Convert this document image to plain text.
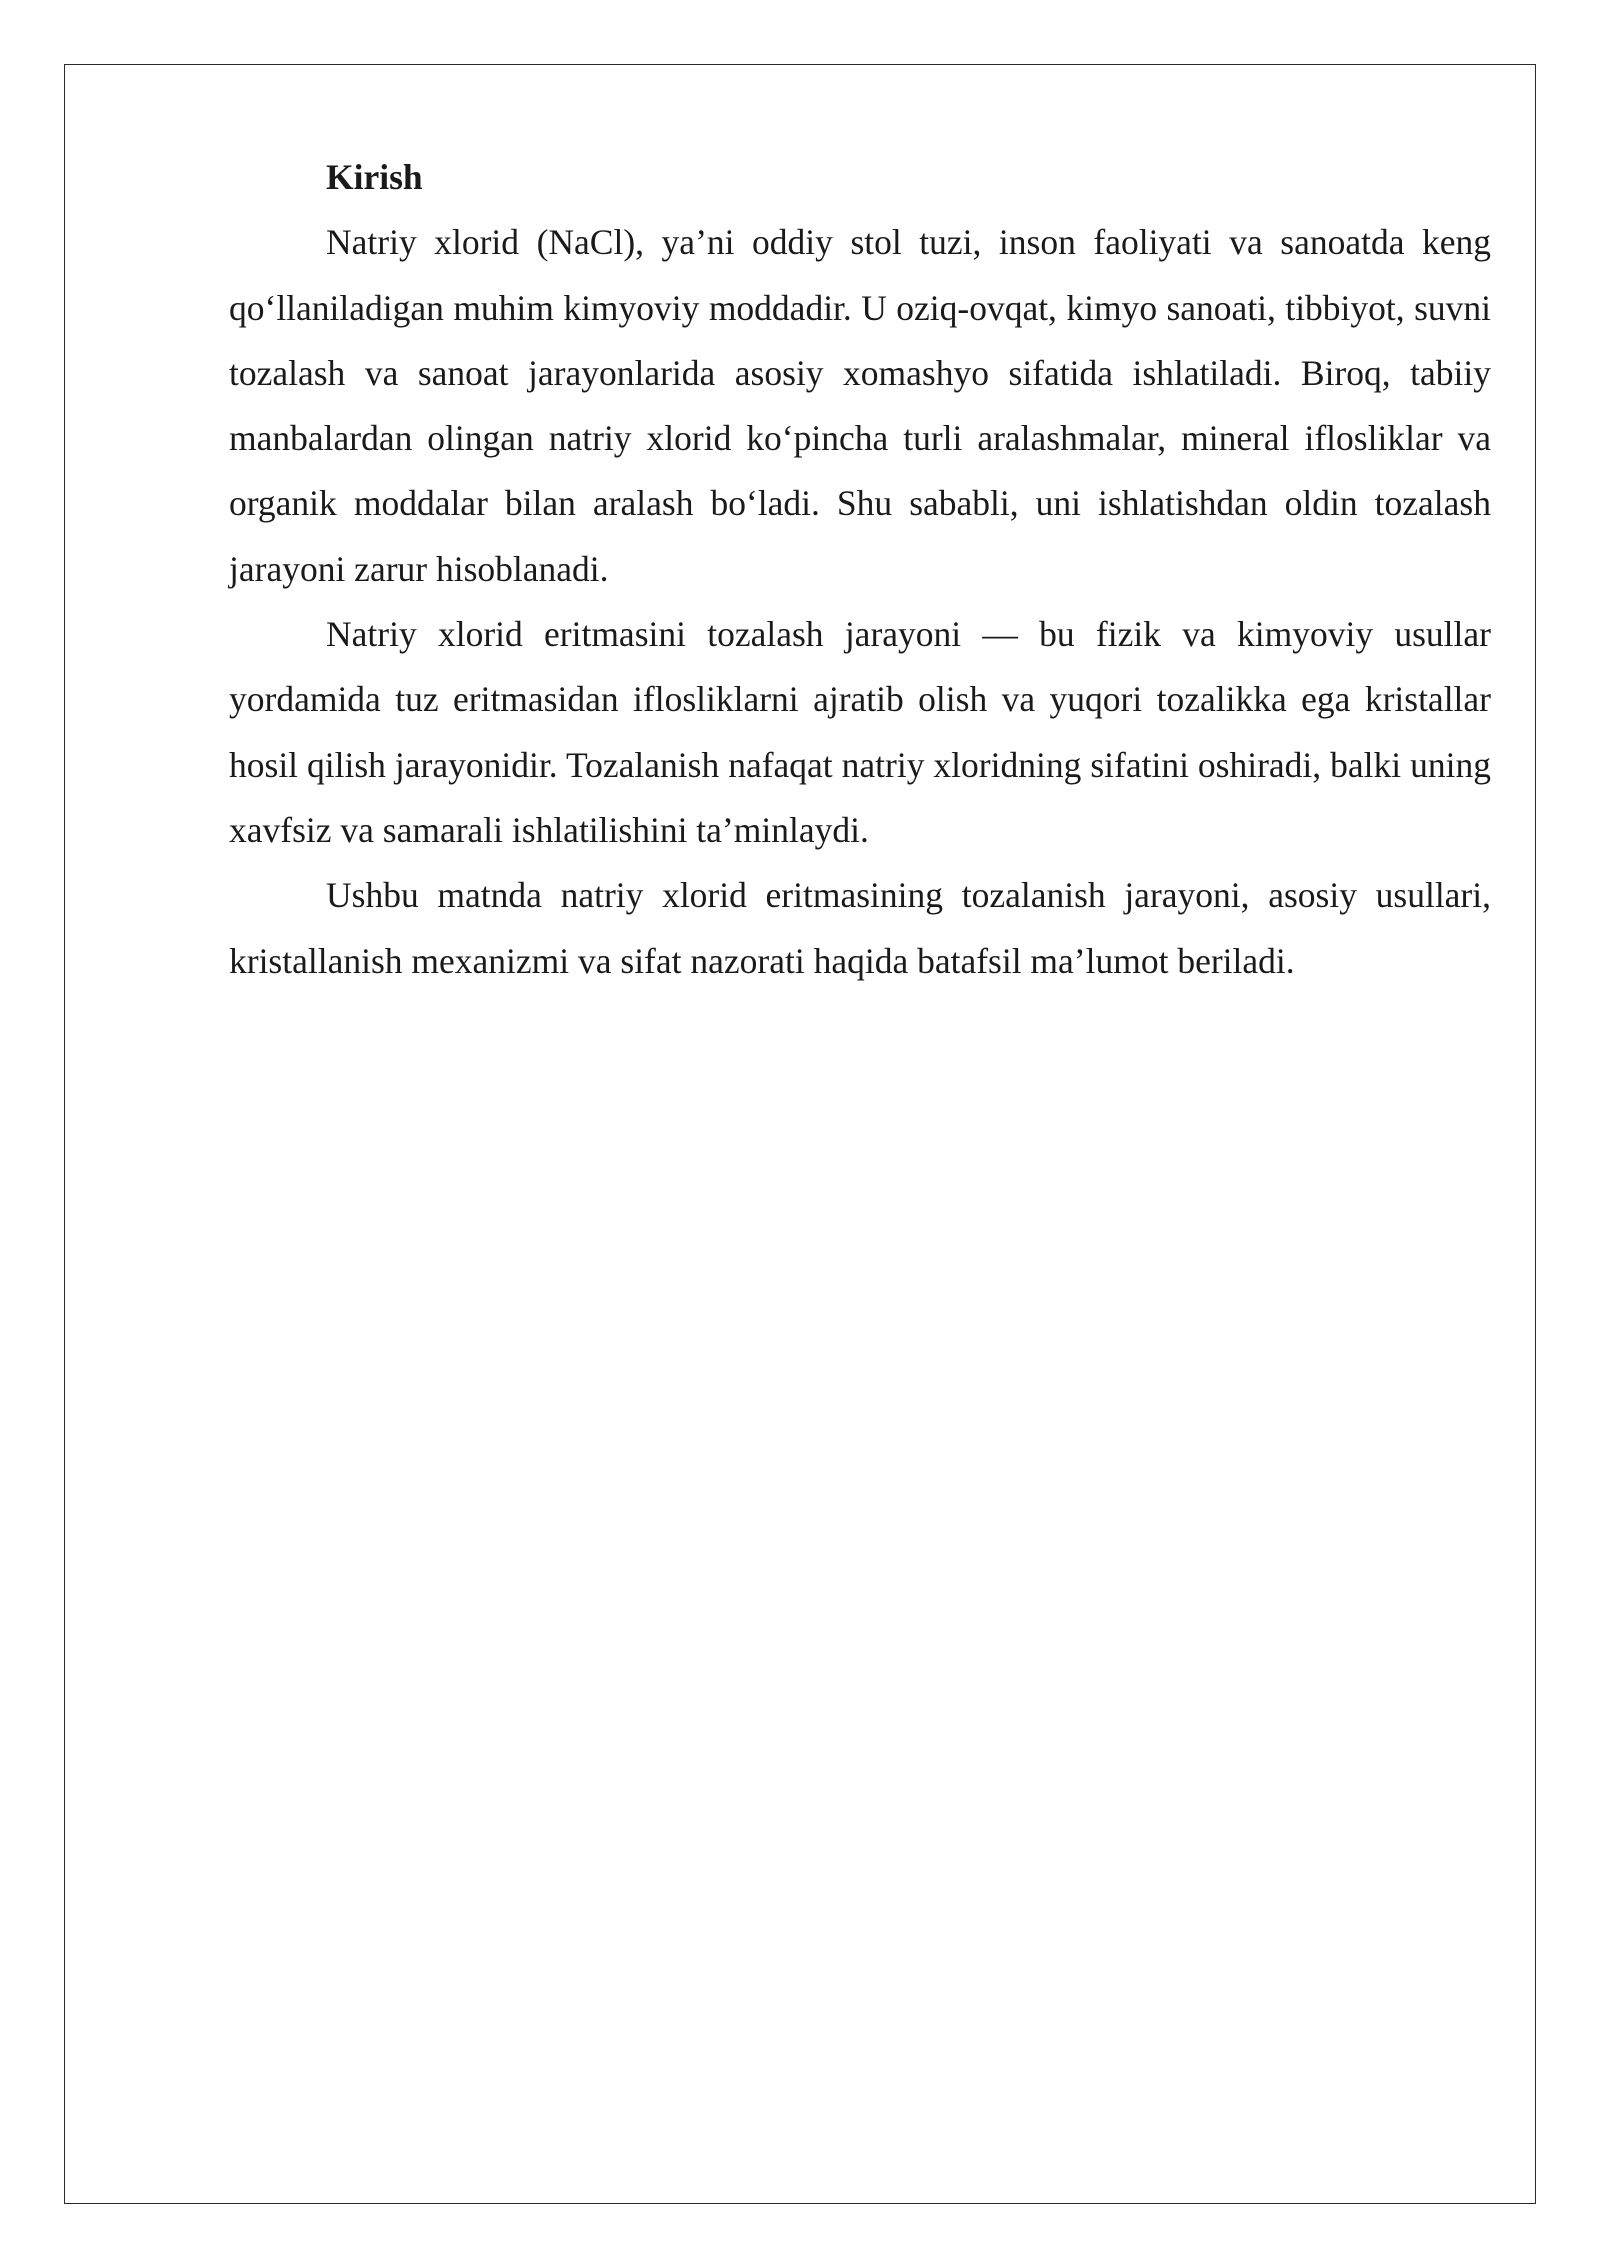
Kirish

Natriy xlorid (NaCl), ya’ni oddiy stol tuzi, inson faoliyati va sanoatda keng qo‘llaniladigan muhim kimyoviy moddadir. U oziq-ovqat, kimyo sanoati, tibbiyot, suvni tozalash va sanoat jarayonlarida asosiy xomashyo sifatida ishlatiladi. Biroq, tabiiy manbalardan olingan natriy xlorid ko‘pincha turli aralashmalar, mineral iflosliklar va organik moddalar bilan aralash bo‘ladi. Shu sababli, uni ishlatishdan oldin tozalash jarayoni zarur hisoblanadi.

Natriy xlorid eritmasini tozalash jarayoni — bu fizik va kimyoviy usullar yordamida tuz eritmasidan iflosliklarni ajratib olish va yuqori tozalikka ega kristallar hosil qilish jarayonidir. Tozalanish nafaqat natriy xloridning sifatini oshiradi, balki uning xavfsiz va samarali ishlatilishini ta’minlaydi.

Ushbu matnda natriy xlorid eritmasining tozalanish jarayoni, asosiy usullari, kristallanish mexanizmi va sifat nazorati haqida batafsil ma’lumot beriladi.
